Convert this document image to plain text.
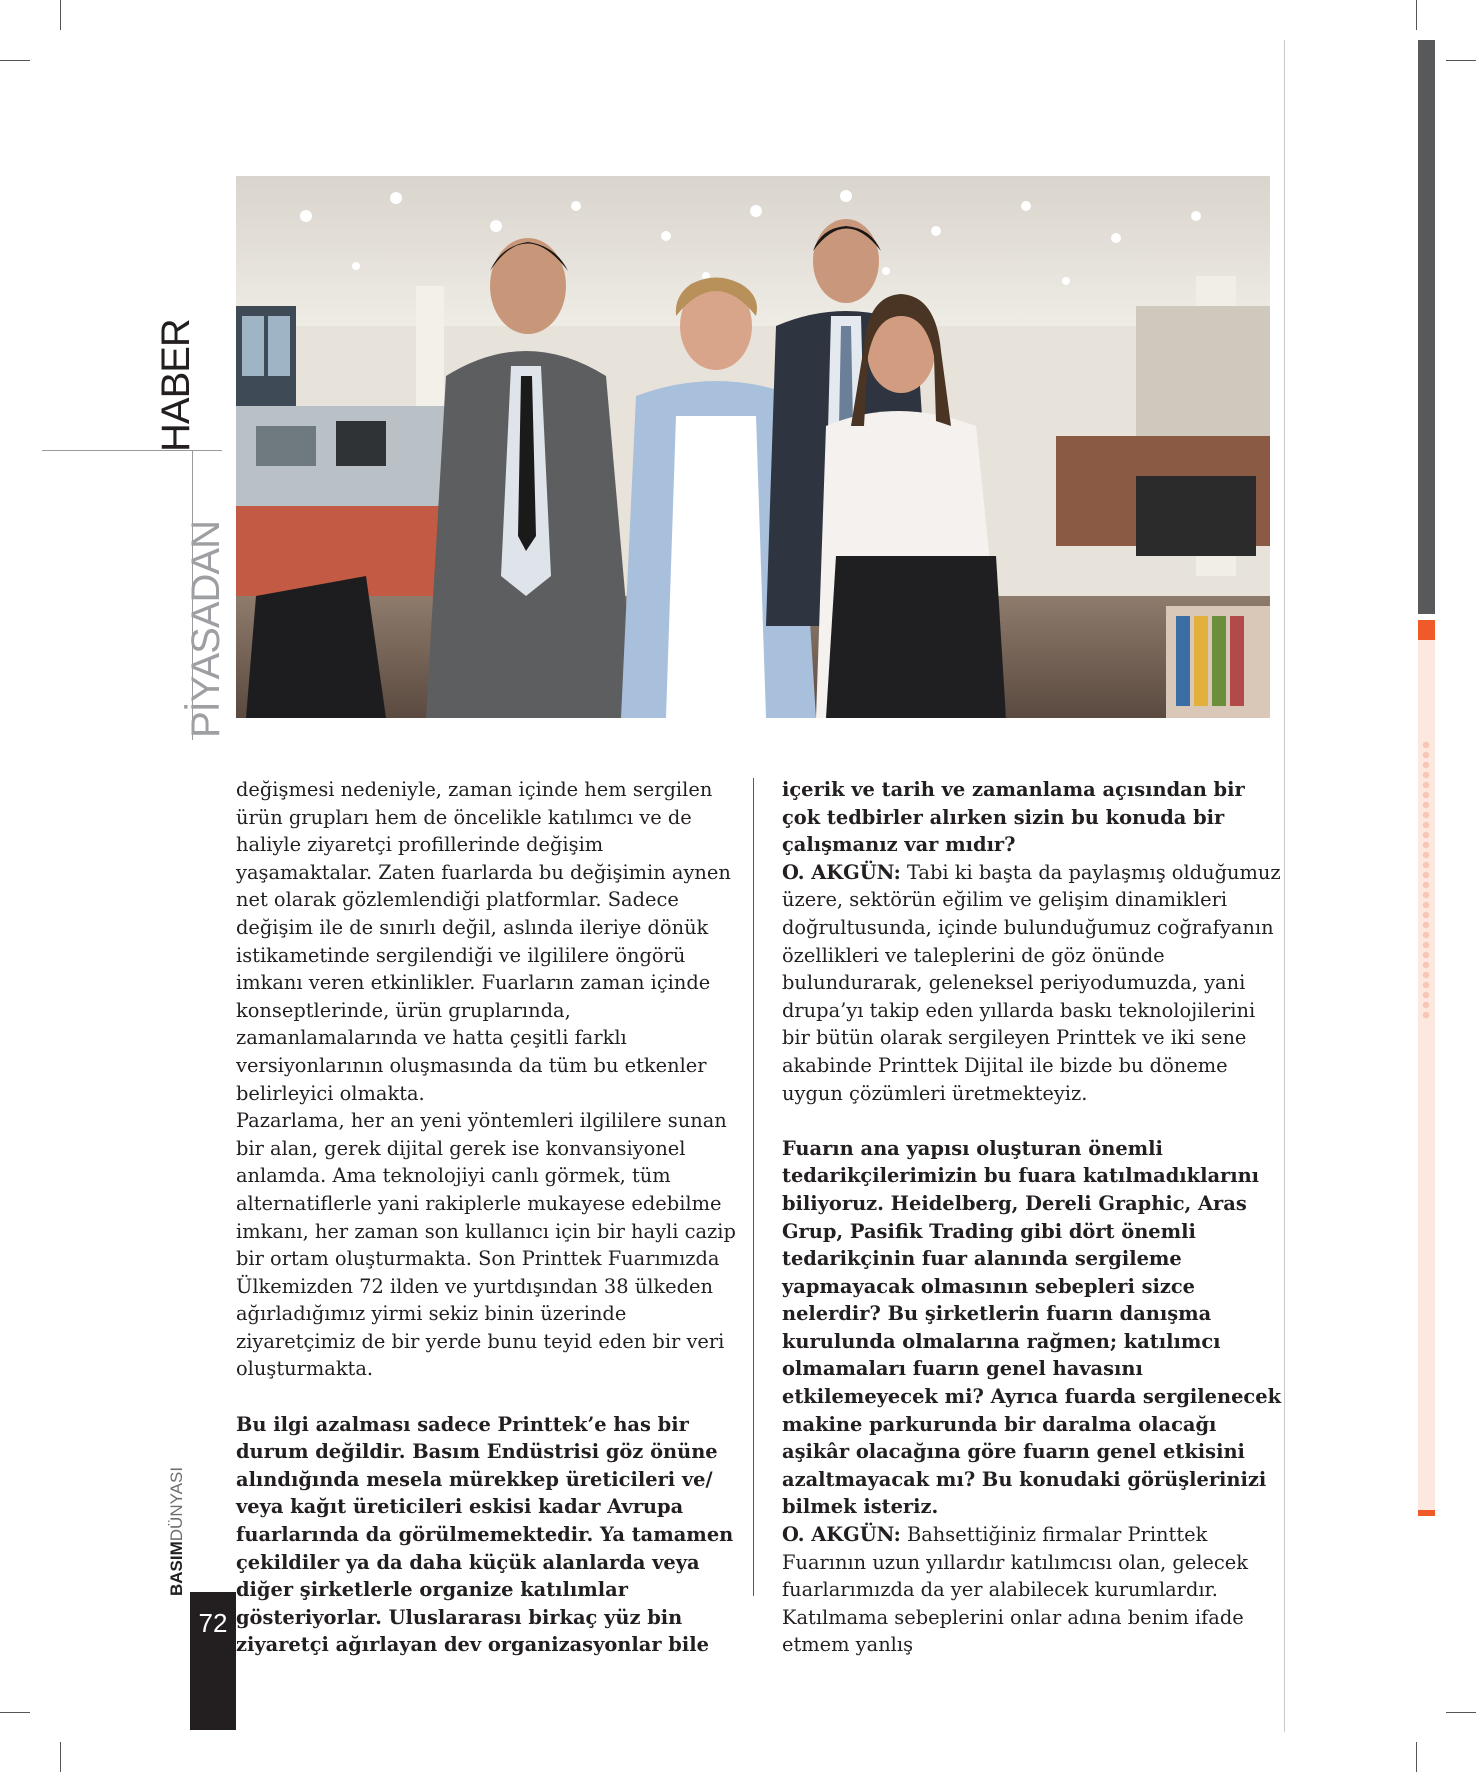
HABER
PİYASADAN
BASIMDÜNYASI
72

değişmesi nedeniyle, zaman içinde hem sergilen ürün grupları hem de öncelikle katılımcı ve de haliyle ziyaretçi profillerinde değişim yaşamaktalar. Zaten fuarlarda bu değişimin aynen net olarak gözlemlendiği platformlar. Sadece değişim ile de sınırlı değil, aslında ileriye dönük istikametinde sergilendiği ve ilgililere öngörü imkanı veren etkinlikler. Fuarların zaman içinde konseptlerinde, ürün gruplarında, zamanlamalarında ve hatta çeşitli farklı versiyonlarının oluşmasında da tüm bu etkenler belirleyici olmakta.

Pazarlama, her an yeni yöntemleri ilgililere sunan bir alan, gerek dijital gerek ise konvansiyonel anlamda. Ama teknolojiyi canlı görmek, tüm alternatiflerle yani rakiplerle mukayese edebilme imkanı, her zaman son kullanıcı için bir hayli cazip bir ortam oluşturmakta. Son Printtek Fuarımızda Ülkemizden 72 ilden ve yurtdışından 38 ülkeden ağırladığımız yirmi sekiz binin üzerinde ziyaretçimiz de bir yerde bunu teyid eden bir veri oluşturmakta.

Bu ilgi azalması sadece Printtek’e has bir durum değildir. Basım Endüstrisi göz önüne alındığında mesela mürekkep üreticileri ve/ veya kağıt üreticileri eskisi kadar Avrupa fuarlarında da görülmemektedir. Ya tamamen çekildiler ya da daha küçük alanlarda veya diğer şirketlerle organize katılımlar gösteriyorlar. Uluslararası birkaç yüz bin ziyaretçi ağırlayan dev organizasyonlar bile

içerik ve tarih ve zamanlama açısından bir çok tedbirler alırken sizin bu konuda bir çalışmanız var mıdır?

O. AKGÜN: Tabi ki başta da paylaşmış olduğumuz üzere, sektörün eğilim ve gelişim dinamikleri doğrultusunda, içinde bulunduğumuz coğrafyanın özellikleri ve taleplerini de göz önünde bulundurarak, geleneksel periyodumuzda, yani drupa’yı takip eden yıllarda baskı teknolojilerini bir bütün olarak sergileyen Printtek ve iki sene akabinde Printtek Dijital ile bizde bu döneme uygun çözümleri üretmekteyiz.

Fuarın ana yapısı oluşturan önemli tedarikçilerimizin bu fuara katılmadıklarını biliyoruz. Heidelberg, Dereli Graphic, Aras Grup, Pasifik Trading gibi dört önemli tedarikçinin fuar alanında sergileme yapmayacak olmasının sebepleri sizce nelerdir? Bu şirketlerin fuarın danışma kurulunda olmalarına rağmen; katılımcı olmamaları fuarın genel havasını etkilemeyecek mi? Ayrıca fuarda sergilenecek makine parkurunda bir daralma olacağı aşikâr olacağına göre fuarın genel etkisini azaltmayacak mı? Bu konudaki görüşlerinizi bilmek isteriz.

O. AKGÜN: Bahsettiğiniz firmalar Printtek Fuarının uzun yıllardır katılımcısı olan, gelecek fuarlarımızda da yer alabilecek kurumlardır. Katılmama sebeplerini onlar adına benim ifade etmem yanlış
